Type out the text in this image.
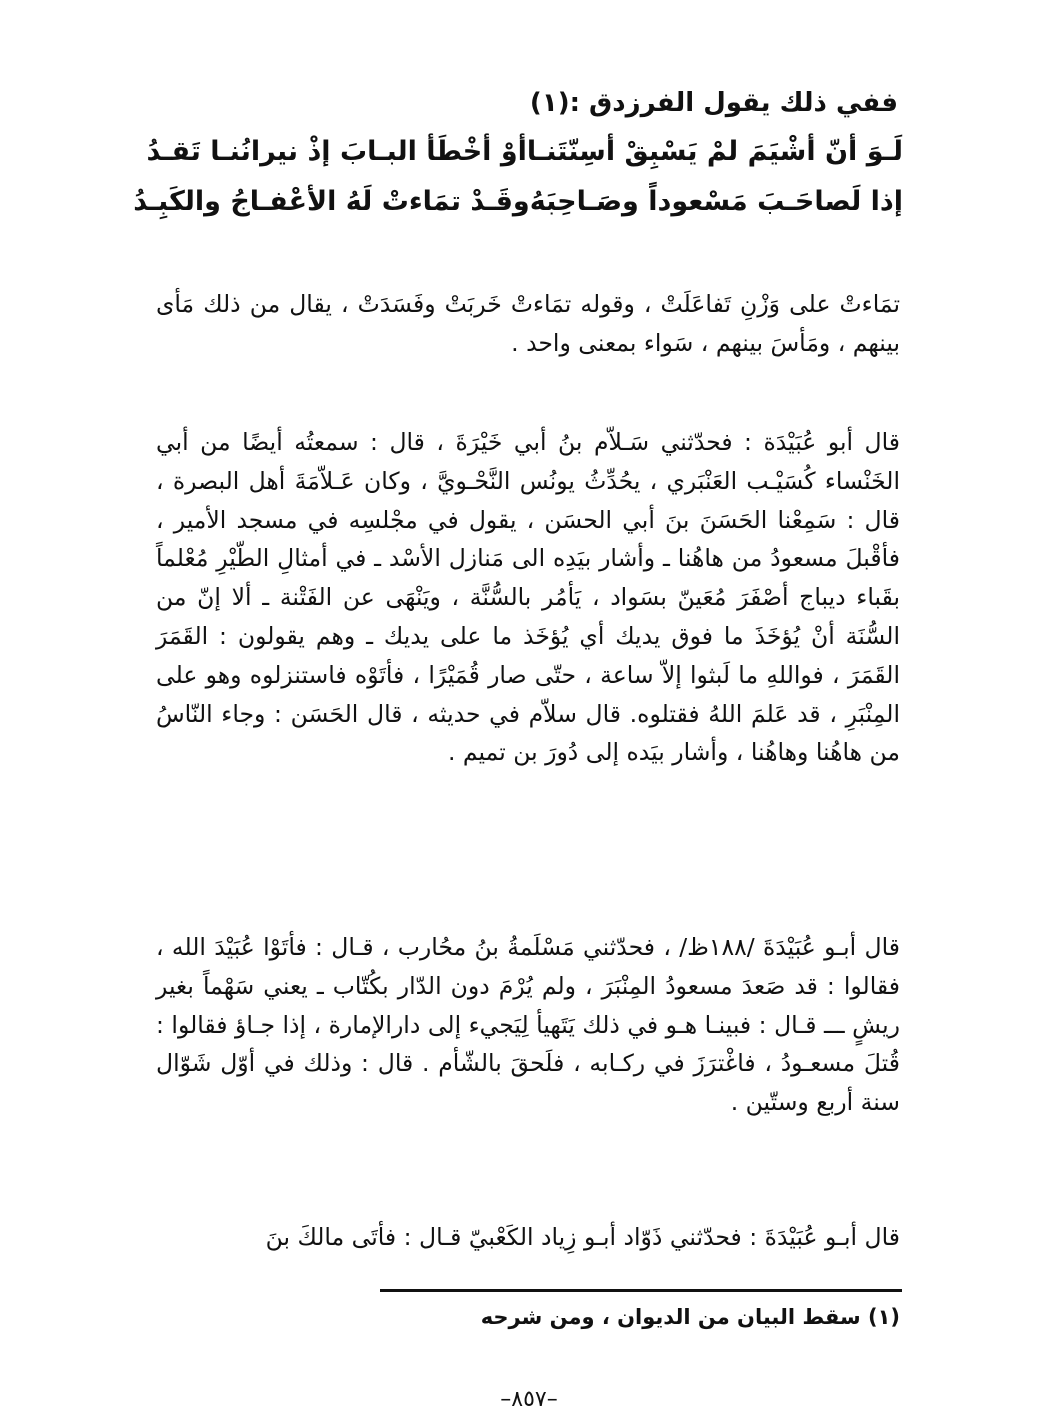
ففي ذلك يقول الفرزدق :(١)
لَـوَ أنّ أشْيَمَ لمْ يَسْبِقْ أسِنّتَنـا
أوْ أخْطَأ البـابَ إذْ نيرانُنـا تَقـدُ
إذا لَصاحَـبَ مَسْعوداً وصَـاحِبَهُ
وقَـدْ تمَاءتْ لَهُ الأعْفـاجُ والكَبِـدُ

تمَاءتْ على وَزْنِ تَفاعَلَتْ ، وقوله تمَاءتْ خَربَتْ وفَسَدَتْ ، يقال من ذلك مَأى بينهم ، ومَأسَ بينهم ، سَواء بمعنى واحد .

قال أبو عُبَيْدَة : فحدّثني سَـلاّم بنُ أبي خَيْرَةَ ، قال : سمعتُه أيضًا من أبي الخَنْساء كُسَيْـب العَنْبَري ، يحُدِّثُ يونُس النَّحْـويَّ ، وكان عَـلاّمَةَ أهل البصرة ، قال : سَمِعْنا الحَسَنَ بنَ أبي الحسَن ، يقول في مجْلسِه في مسجد الأمير ، فأقْبلَ مسعودُ من هاهُنا ـ وأشار بيَدِه الى مَنازل الأسْد ـ في أمثالِ الطّيْرِ مُعْلماً بقَباء ديباج أصْفَرَ مُعَينّ بسَواد ، يَأمُر بالسُّنَّة ، ويَنْهَى عن الفَتْنة ـ ألا إنّ من السُّنَة أنْ يُؤخَذَ ما فوق يديك أي يُؤخَذ ما على يديك ـ وهم يقولون : القَمَرَ القَمَرَ ، فواللهِ ما لَبثوا إلاّ ساعة ، حتّى صار قُمَيْرًا ، فأتَوْه فاستنزلوه وهو على المِنْبَرِ ، قد عَلمَ اللهُ فقتلوه. قال سلاّم في حديثه ، قال الحَسَن : وجاء النّاسُ من هاهُنا وهاهُنا ، وأشار بيَده إلى دُورَ بن تميم .

قال أبـو عُبَيْدَةَ /١٨٨ظ/ ، فحدّثني مَسْلَمةُ بنُ محُارب ، قـال : فأتَوْا عُبَيْدَ الله ، فقالوا : قد صَعدَ مسعودُ المِنْبَرَ ، ولم يُرْمَ دون الدّار بكُتّاب ـ يعني سَهْماً بغير ريشٍ ـــ قـال : فبينـا هـو في ذلك يَتَهيأ لِيَجيء إلى دارالإمارة ، إذا جـاؤ فقالوا : قُتلَ مسعـودُ ، فاغْترَزَ في ركـابه ، فلَحقَ بالشّأم . قال : وذلك في أوّل شَوّال سنة أربع وستّين .

قال أبـو عُبَيْدَةَ : فحدّثني ذَوّاد أبـو زِياد الكَعْبيّ قـال : فأتَى مالكَ بنَ

(١) سقط البيان من الديوان ، ومن شرحه
–٨٥٧–
